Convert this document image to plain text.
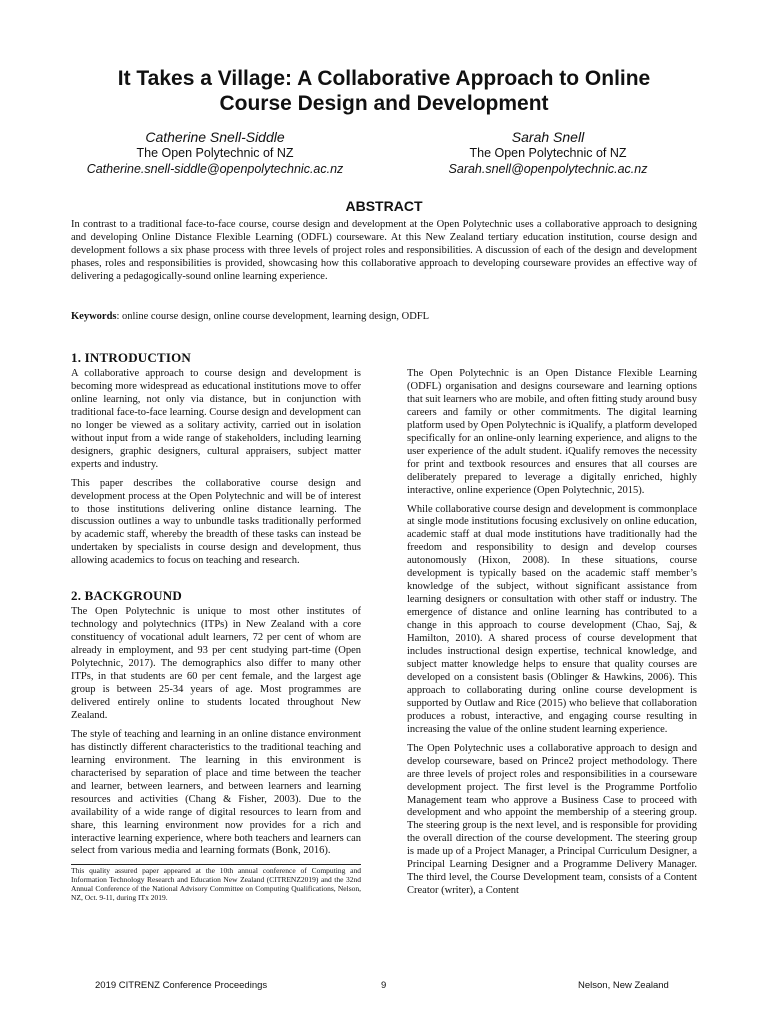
It Takes a Village: A Collaborative Approach to Online
Course Design and Development
Catherine Snell-Siddle
The Open Polytechnic of NZ
Catherine.snell-siddle@openpolytechnic.ac.nz
Sarah Snell
The Open Polytechnic of NZ
Sarah.snell@openpolytechnic.ac.nz
ABSTRACT

In contrast to a traditional face-to-face course, course design and development at the Open Polytechnic uses a collaborative approach to designing and developing Online Distance Flexible Learning (ODFL) courseware. At this New Zealand tertiary education institution, course design and development follows a six phase process with three levels of project roles and responsibilities. A discussion of each of the design and development phases, roles and responsibilities is provided, showcasing how this collaborative approach to developing courseware provides an effective way of delivering a pedagogically-sound online learning experience.

Keywords: online course design, online course development, learning design, ODFL

1. INTRODUCTION

A collaborative approach to course design and development is becoming more widespread as educational institutions move to offer online learning, not only via distance, but in conjunction with traditional face-to-face learning. Course design and development can no longer be viewed as a solitary activity, carried out in isolation without input from a wide range of stakeholders, including learning designers, graphic designers, cultural appraisers, subject matter experts and industry.

This paper describes the collaborative course design and development process at the Open Polytechnic and will be of interest to those institutions delivering online distance learning. The discussion outlines a way to unbundle tasks traditionally performed by academic staff, whereby the breadth of these tasks can instead be undertaken by specialists in course design and development, thus allowing academics to focus on teaching and research.

2. BACKGROUND

The Open Polytechnic is unique to most other institutes of technology and polytechnics (ITPs) in New Zealand with a core constituency of vocational adult learners, 72 per cent of whom are already in employment, and 93 per cent studying part-time (Open Polytechnic, 2017). The demographics also differ to many other ITPs, in that students are 60 per cent female, and the largest age group is between 25-34 years of age. Most programmes are delivered entirely online to students located throughout New Zealand.

The style of teaching and learning in an online distance environment has distinctly different characteristics to the traditional teaching and learning environment. The learning in this environment is characterised by separation of place and time between the teacher and learner, between learners, and between learners and learning resources and activities (Chang & Fisher, 2003). Due to the availability of a wide range of digital resources to learn from and share, this learning environment now provides for a rich and interactive learning experience, where both teachers and learners can select from various media and learning formats (Bonk, 2016).

This quality assured paper appeared at the 10th annual conference of Computing and Information Technology Research and Education New Zealand (CITRENZ2019) and the 32nd Annual Conference of the National Advisory Committee on Computing Qualifications, Nelson, NZ, Oct. 9-11, during ITx 2019.

The Open Polytechnic is an Open Distance Flexible Learning (ODFL) organisation and designs courseware and learning options that suit learners who are mobile, and often fitting study around busy careers and family or other commitments. The digital learning platform used by Open Polytechnic is iQualify, a platform developed specifically for an online-only learning experience, and aligns to the user experience of the adult student. iQualify removes the necessity for print and textbook resources and ensures that all courses are deliberately prepared to leverage a digitally enriched, highly interactive, online experience (Open Polytechnic, 2015).

While collaborative course design and development is commonplace at single mode institutions focusing exclusively on online education, academic staff at dual mode institutions have traditionally had the freedom and responsibility to design and develop courses autonomously (Hixon, 2008). In these situations, course development is typically based on the academic staff member’s knowledge of the subject, without significant assistance from learning designers or consultation with other staff or industry. The emergence of distance and online learning has contributed to a change in this approach to course development (Chao, Saj, & Hamilton, 2010). A shared process of course development that includes instructional design expertise, technical knowledge, and subject matter knowledge helps to ensure that quality courses are developed on a consistent basis (Oblinger & Hawkins, 2006). This approach to collaborating during online course development is supported by Outlaw and Rice (2015) who believe that collaboration produces a robust, interactive, and engaging course resulting in increasing the value of the online student learning experience.

The Open Polytechnic uses a collaborative approach to design and develop courseware, based on Prince2 project methodology. There are three levels of project roles and responsibilities in a courseware development project. The first level is the Programme Portfolio Management team who approve a Business Case to proceed with development and who appoint the membership of a steering group. The steering group is the next level, and is responsible for providing the overall direction of the course development. The steering group is made up of a Project Manager, a Principal Curriculum Designer, a Principal Learning Designer and a Programme Delivery Manager. The third level, the Course Development team, consists of a Content Creator (writer), a Content

2019 CITRENZ Conference Proceedings	9	Nelson, New Zealand
